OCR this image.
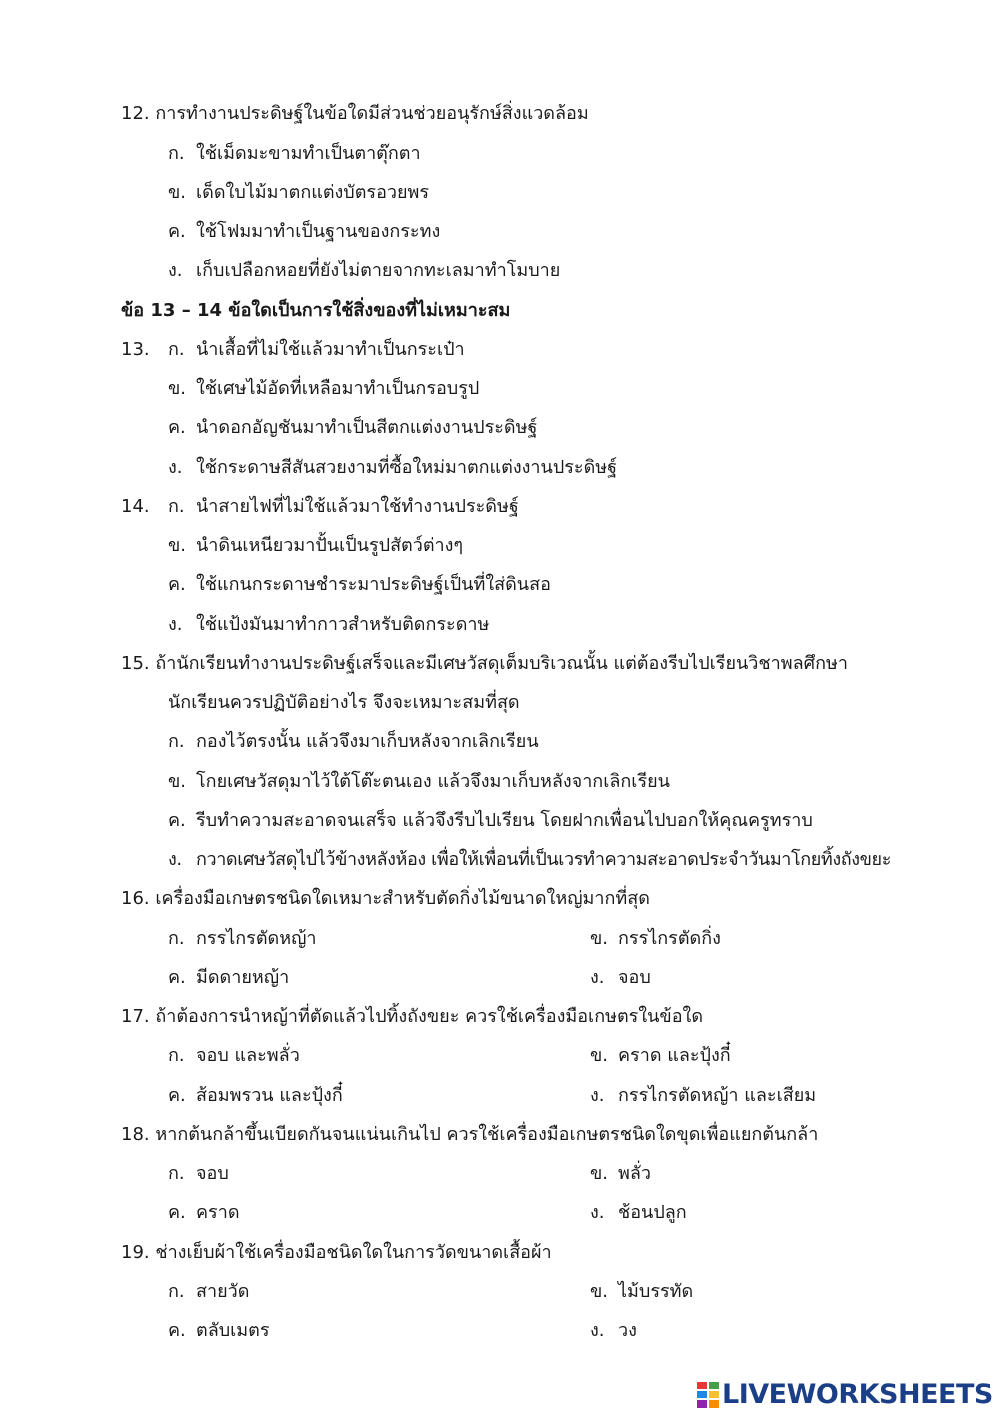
12. การทำงานประดิษฐ์ในข้อใดมีส่วนช่วยอนุรักษ์สิ่งแวดล้อม
ก. ใช้เม็ดมะขามทำเป็นตาตุ๊กตา
ข. เด็ดใบไม้มาตกแต่งบัตรอวยพร
ค. ใช้โฟมมาทำเป็นฐานของกระทง
ง. เก็บเปลือกหอยที่ยังไม่ตายจากทะเลมาทำโมบาย
ข้อ 13 – 14 ข้อใดเป็นการใช้สิ่งของที่ไม่เหมาะสม
13. ก. นำเสื้อที่ไม่ใช้แล้วมาทำเป็นกระเป๋า
ข. ใช้เศษไม้อัดที่เหลือมาทำเป็นกรอบรูป
ค. นำดอกอัญชันมาทำเป็นสีตกแต่งงานประดิษฐ์
ง. ใช้กระดาษสีสันสวยงามที่ซื้อใหม่มาตกแต่งงานประดิษฐ์
14. ก. นำสายไฟที่ไม่ใช้แล้วมาใช้ทำงานประดิษฐ์
ข. นำดินเหนียวมาปั้นเป็นรูปสัตว์ต่างๆ
ค. ใช้แกนกระดาษชำระมาประดิษฐ์เป็นที่ใส่ดินสอ
ง. ใช้แป้งมันมาทำกาวสำหรับติดกระดาษ
15. ถ้านักเรียนทำงานประดิษฐ์เสร็จและมีเศษวัสดุเต็มบริเวณนั้น แต่ต้องรีบไปเรียนวิชาพลศึกษา
นักเรียนควรปฏิบัติอย่างไร จึงจะเหมาะสมที่สุด
ก. กองไว้ตรงนั้น แล้วจึงมาเก็บหลังจากเลิกเรียน
ข. โกยเศษวัสดุมาไว้ใต้โต๊ะตนเอง แล้วจึงมาเก็บหลังจากเลิกเรียน
ค. รีบทำความสะอาดจนเสร็จ แล้วจึงรีบไปเรียน โดยฝากเพื่อนไปบอกให้คุณครูทราบ
ง. กวาดเศษวัสดุไปไว้ข้างหลังห้อง เพื่อให้เพื่อนที่เป็นเวรทำความสะอาดประจำวันมาโกยทิ้งถังขยะ
16. เครื่องมือเกษตรชนิดใดเหมาะสำหรับตัดกิ่งไม้ขนาดใหญ่มากที่สุด
ก. กรรไกรตัดหญ้า	ข. กรรไกรตัดกิ่ง
ค. มีดดายหญ้า	ง. จอบ
17. ถ้าต้องการนำหญ้าที่ตัดแล้วไปทิ้งถังขยะ ควรใช้เครื่องมือเกษตรในข้อใด
ก. จอบ และพลั่ว	ข. คราด และปุ้งกี๋
ค. ส้อมพรวน และปุ้งกี๋	ง. กรรไกรตัดหญ้า และเสียม
18. หากต้นกล้าขึ้นเบียดกันจนแน่นเกินไป ควรใช้เครื่องมือเกษตรชนิดใดขุดเพื่อแยกต้นกล้า
ก. จอบ	ข. พลั่ว
ค. คราด	ง. ช้อนปลูก
19. ช่างเย็บผ้าใช้เครื่องมือชนิดใดในการวัดขนาดเสื้อผ้า
ก. สายวัด	ข. ไม้บรรทัด
ค. ตลับเมตร	ง. วง
LIVEWORKSHEETS
